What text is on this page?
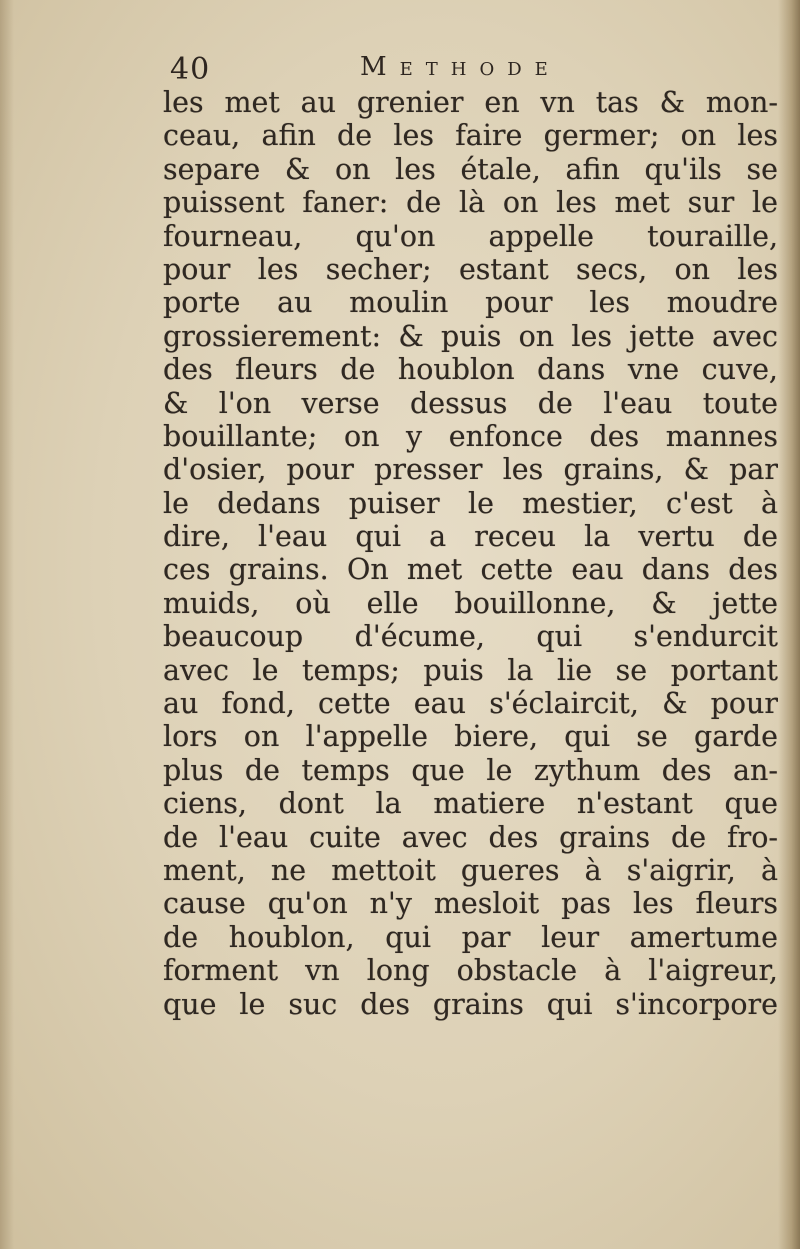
40	Methode
les met au grenier en vn tas & mon-
ceau, afin de les faire germer; on les
separe & on les étale, afin qu'ils se
puissent faner: de là on les met sur le
fourneau, qu'on appelle touraille,
pour les secher; estant secs, on les
porte au moulin pour les moudre
grossierement: & puis on les jette avec
des fleurs de houblon dans vne cuve,
& l'on verse dessus de l'eau toute
bouillante; on y enfonce des mannes
d'osier, pour presser les grains, & par
le dedans puiser le mestier, c'est à
dire, l'eau qui a receu la vertu de
ces grains. On met cette eau dans des
muids, où elle bouillonne, & jette
beaucoup d'écume, qui s'endurcit
avec le temps; puis la lie se portant
au fond, cette eau s'éclaircit, & pour
lors on l'appelle biere, qui se garde
plus de temps que le zythum des an-
ciens, dont la matiere n'estant que
de l'eau cuite avec des grains de fro-
ment, ne mettoit gueres à s'aigrir, à
cause qu'on n'y mesloit pas les fleurs
de houblon, qui par leur amertume
forment vn long obstacle à l'aigreur,
que le suc des grains qui s'incorpore
